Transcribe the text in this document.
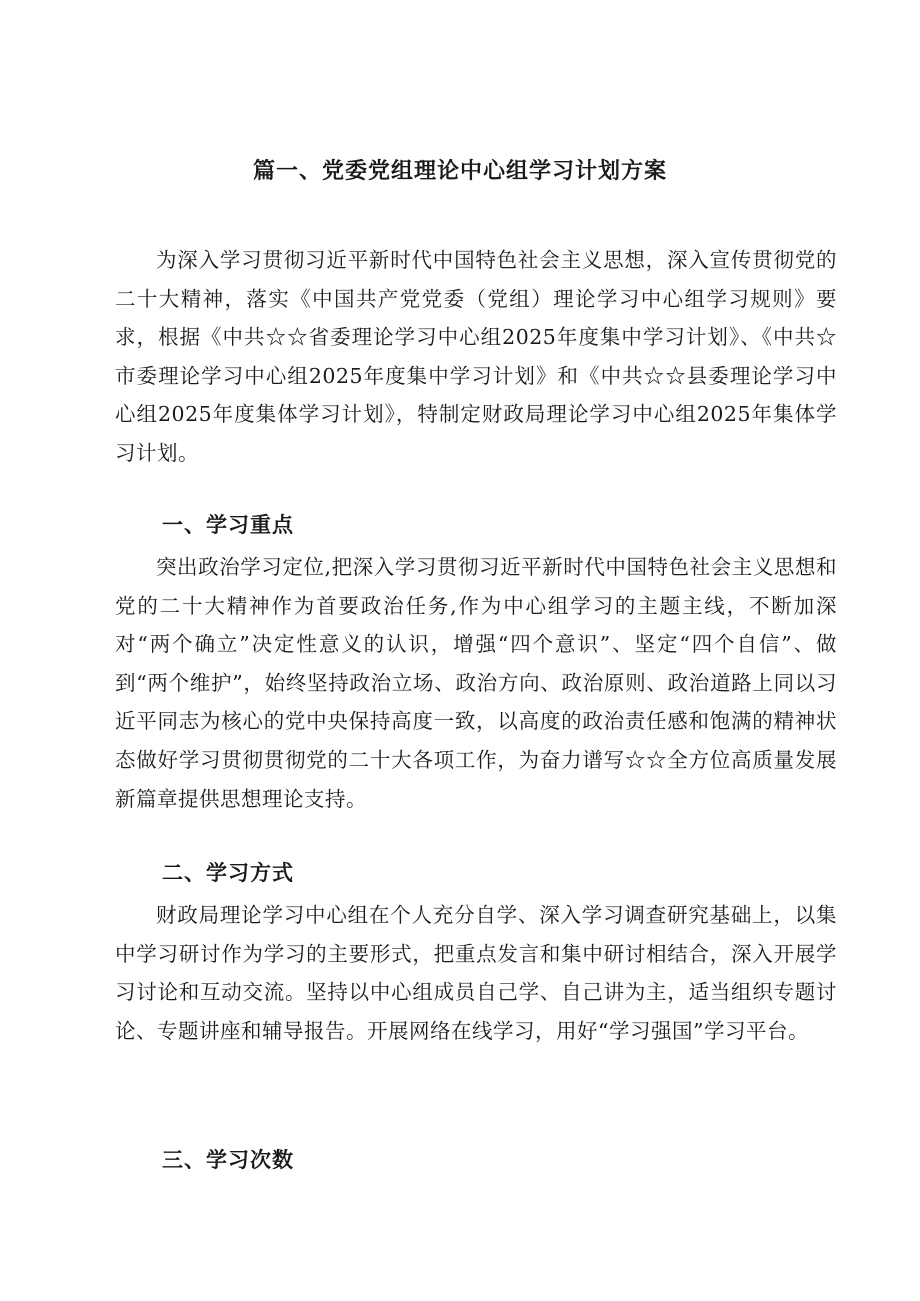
篇一、党委党组理论中心组学习计划方案

为深入学习贯彻习近平新时代中国特色社会主义思想，深入宣传贯彻党的二十大精神，落实《中国共产党党委（党组）理论学习中心组学习规则》要求，根据《中共☆☆省委理论学习中心组2025年度集中学习计划》、《中共☆市委理论学习中心组2025年度集中学习计划》和《中共☆☆县委理论学习中心组2025年度集体学习计划》，特制定财政局理论学习中心组2025年集体学习计划。

一、学习重点

突出政治学习定位,把深入学习贯彻习近平新时代中国特色社会主义思想和党的二十大精神作为首要政治任务,作为中心组学习的主题主线，不断加深对“两个确立”决定性意义的认识，增强“四个意识”、坚定“四个自信”、做到“两个维护”，始终坚持政治立场、政治方向、政治原则、政治道路上同以习近平同志为核心的党中央保持高度一致，以高度的政治责任感和饱满的精神状态做好学习贯彻贯彻党的二十大各项工作，为奋力谱写☆☆全方位高质量发展新篇章提供思想理论支持。

二、学习方式

财政局理论学习中心组在个人充分自学、深入学习调查研究基础上，以集中学习研讨作为学习的主要形式，把重点发言和集中研讨相结合，深入开展学习讨论和互动交流。坚持以中心组成员自己学、自己讲为主，适当组织专题讨论、专题讲座和辅导报告。开展网络在线学习，用好“学习强国”学习平台。

三、学习次数
